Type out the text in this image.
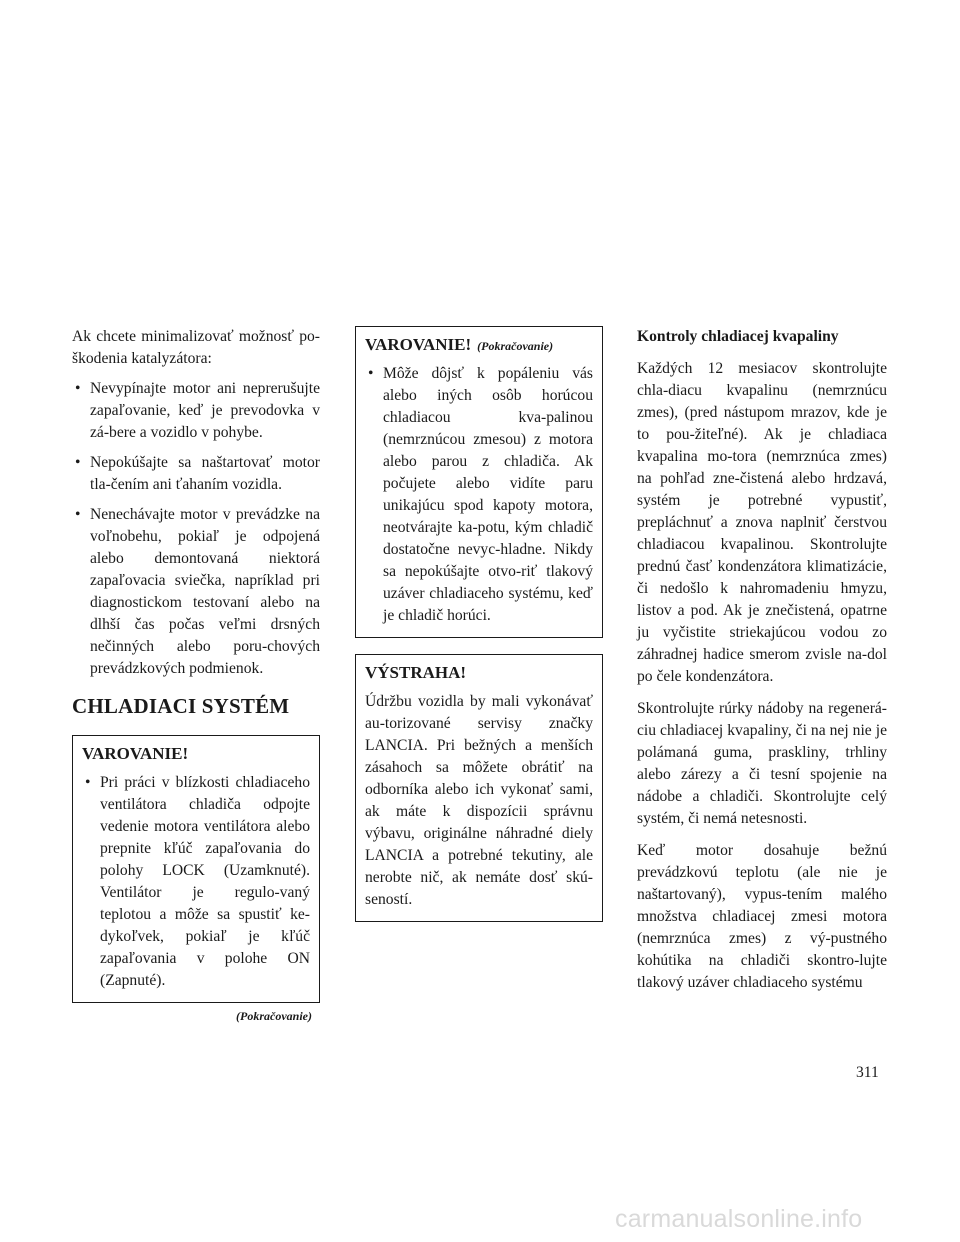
Ak chcete minimalizovať možnosť po-škodenia katalyzátora:

• Nevypínajte motor ani neprerušujte zapaľovanie, keď je prevodovka v zá-bere a vozidlo v pohybe.
• Nepokúšajte sa naštartovať motor tla-čením ani ťahaním vozidla.
• Nenechávajte motor v prevádzke na voľnobehu, pokiaľ je odpojená alebo demontovaná niektorá zapaľovacia sviečka, napríklad pri diagnostickom testovaní alebo na dlhší čas počas veľmi drsných nečinných alebo poru-chových prevádzkových podmienok.
CHLADIACI SYSTÉM
VAROVANIE!
• Pri práci v blízkosti chladiaceho ventilátora chladiča odpojte vedenie motora ventilátora alebo prepnite kľúč zapaľovania do polohy LOCK (Uzamknuté). Ventilátor je regulo-vaný teplotou a môže sa spustiť ke-dykoľvek, pokiaľ je kľúč zapaľovania v polohe ON (Zapnuté).
(Pokračovanie)
VAROVANIE! (Pokračovanie)
• Môže dôjsť k popáleniu vás alebo iných osôb horúcou chladiacou kva-palinou (nemrznúcou zmesou) z motora alebo parou z chladiča. Ak počujete alebo vidíte paru unikajúcu spod kapoty motora, neotvárajte ka-potu, kým chladič dostatočne nevyc-hladne. Nikdy sa nepokúšajte otvo-riť tlakový uzáver chladiaceho systému, keď je chladič horúci.
VÝSTRAHA!

Údržbu vozidla by mali vykonávať au-torizované servisy značky LANCIA. Pri bežných a menších zásahoch sa môžete obrátiť na odborníka alebo ich vykonať sami, ak máte k dispozícii správnu výbavu, originálne náhradné diely LANCIA a potrebné tekutiny, ale nerobte nič, ak nemáte dosť skú-seností.

Kontroly chladiacej kvapaliny

Každých 12 mesiacov skontrolujte chla-diacu kvapalinu (nemrznúcu zmes), (pred nástupom mrazov, kde je to pou-žiteľné). Ak je chladiaca kvapalina mo-tora (nemrznúca zmes) na pohľad zne-čistená alebo hrdzavá, systém je potrebné vypustiť, prepláchnuť a znova naplniť čerstvou chladiacou kvapalinou. Skontrolujte prednú časť kondenzátora klimatizácie, či nedošlo k nahromadeniu hmyzu, listov a pod. Ak je znečistená, opatrne ju vyčistite striekajúcou vodou zo záhradnej hadice smerom zvisle na-dol po čele kondenzátora.

Skontrolujte rúrky nádoby na regenerá-ciu chladiacej kvapaliny, či na nej nie je polámaná guma, praskliny, trhliny alebo zárezy a či tesní spojenie na nádobe a chladiči. Skontrolujte celý systém, či nemá netesnosti.

Keď motor dosahuje bežnú prevádzkovú teplotu (ale nie je naštartovaný), vypus-tením malého množstva chladiacej zmesi motora (nemrznúca zmes) z vý-pustného kohútika na chladiči skontro-lujte tlakový uzáver chladiaceho systému

311
carmanualsonline.info
